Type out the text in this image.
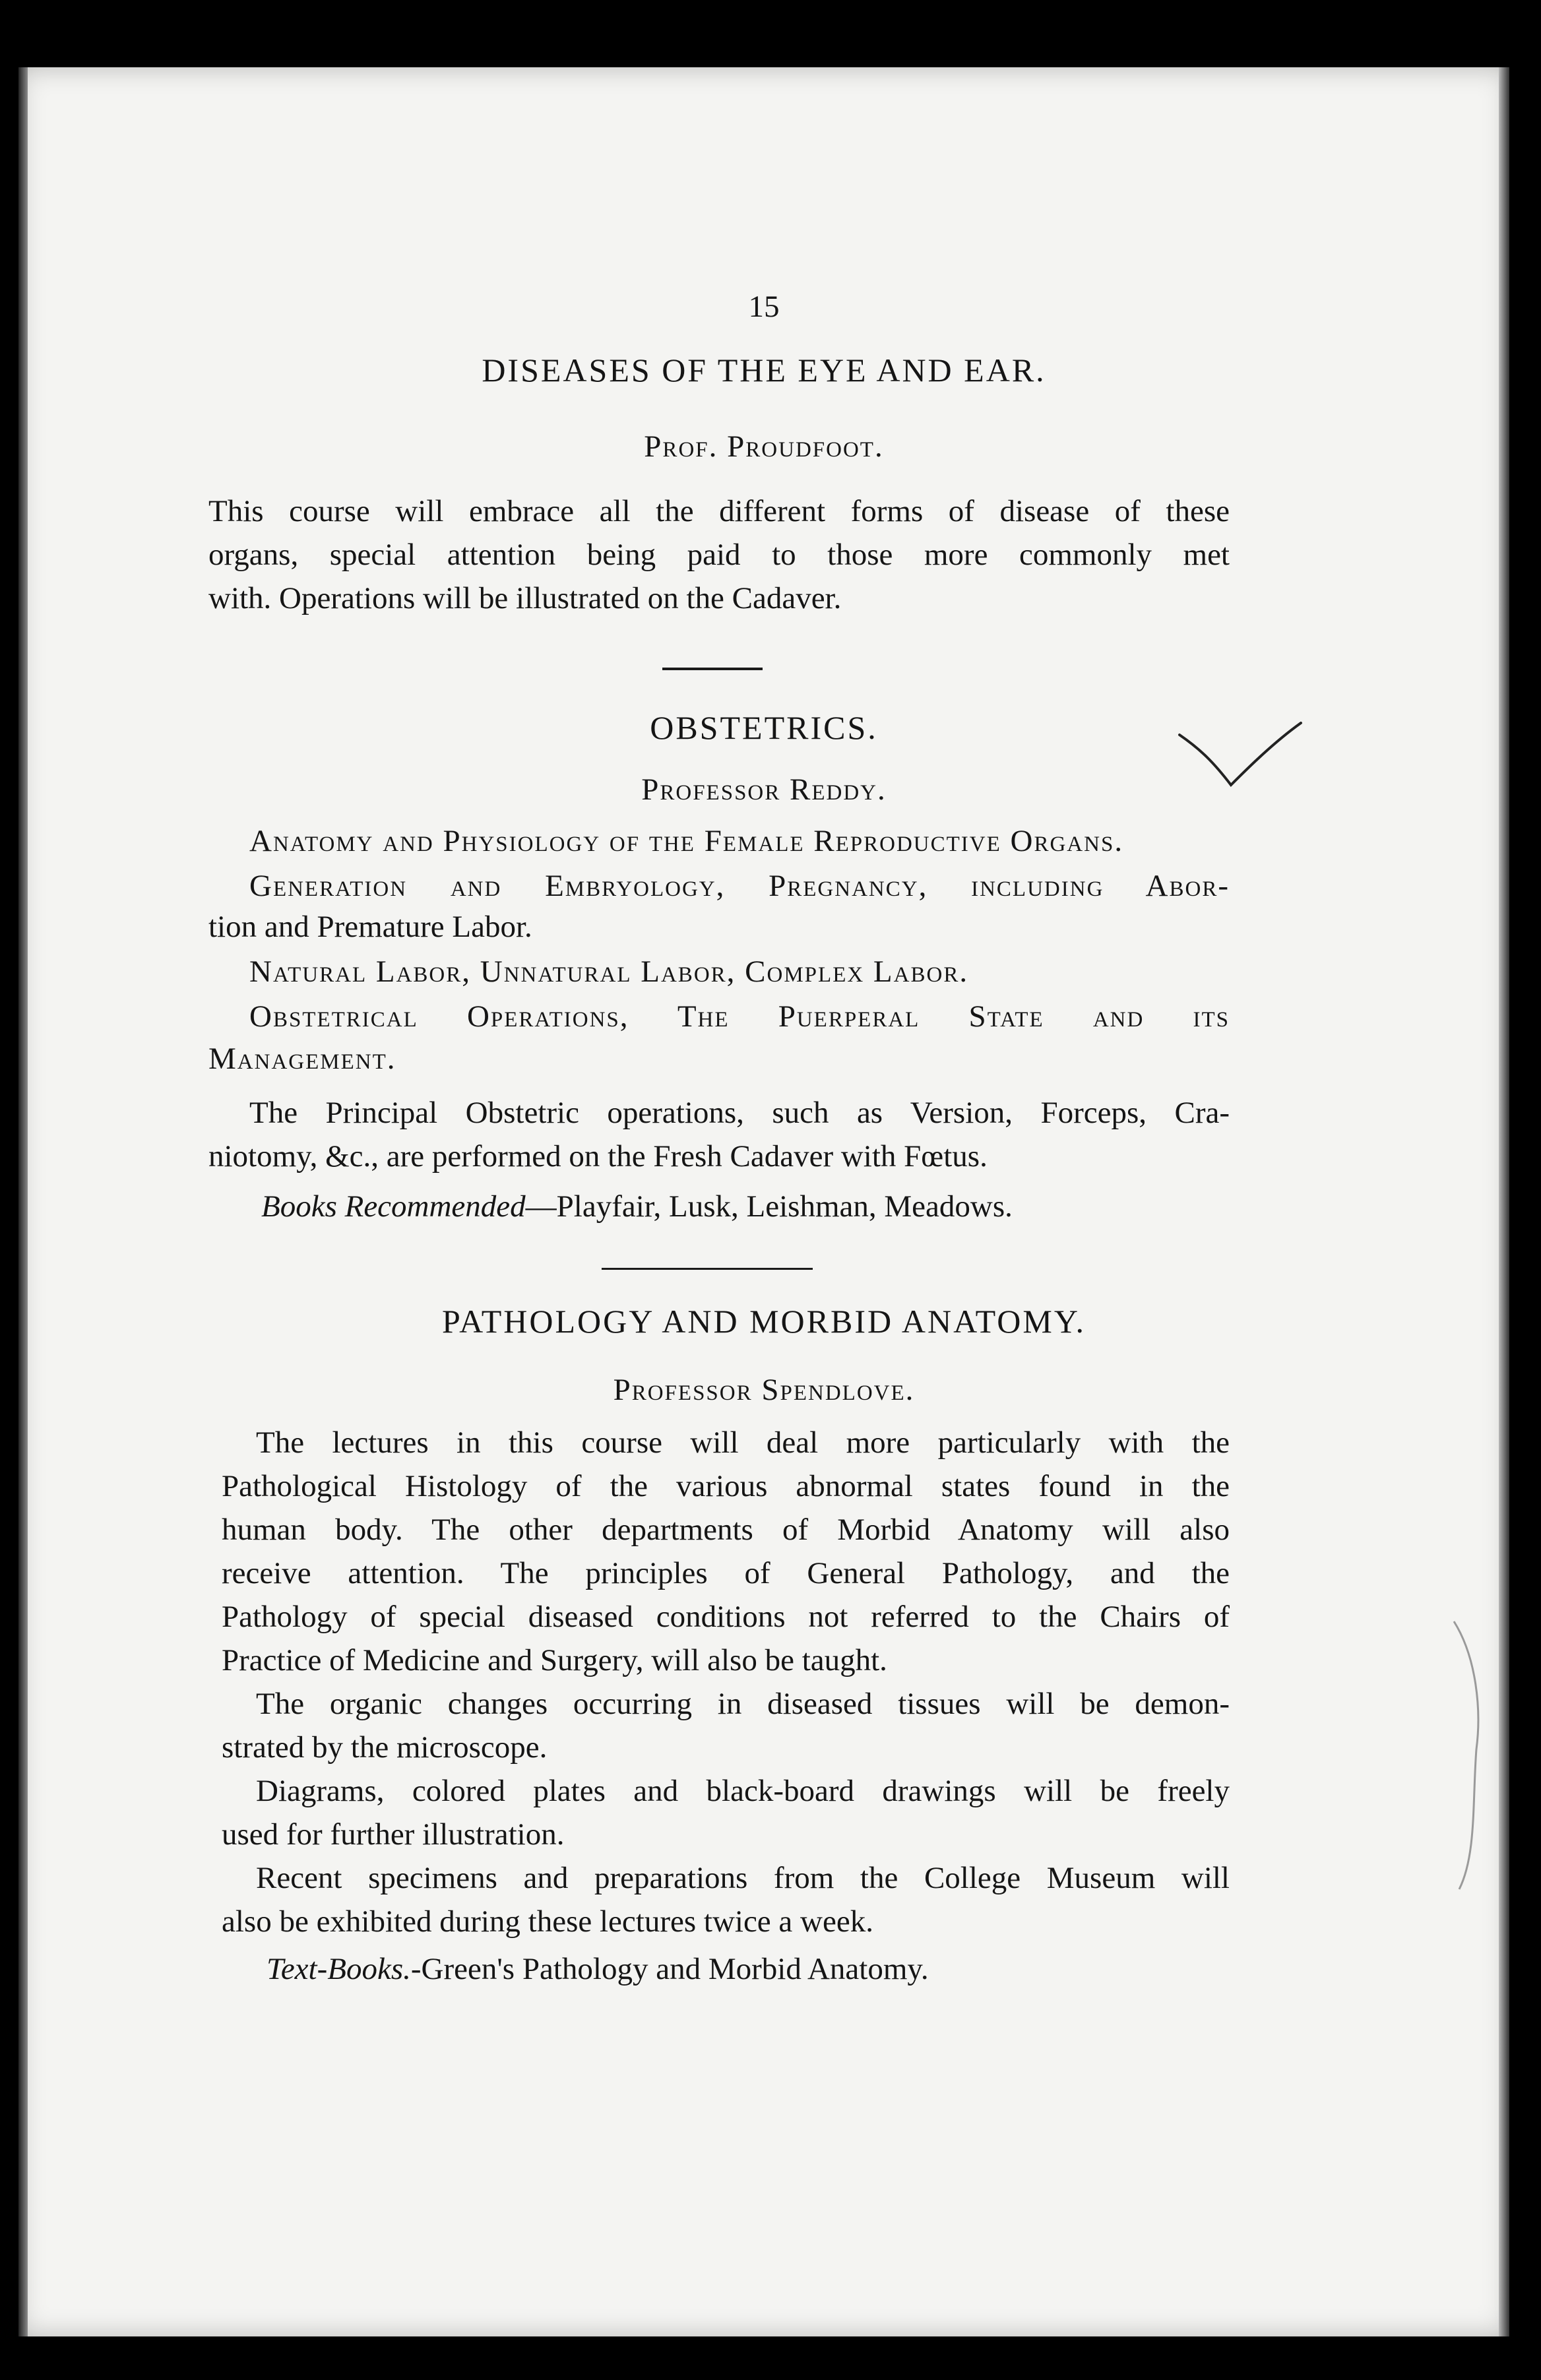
15
DISEASES OF THE EYE AND EAR.
Prof. Proudfoot.
This course will embrace all the different forms of disease of these
organs, special attention being paid to those more commonly met
with. Operations will be illustrated on the Cadaver.
OBSTETRICS.
Professor Reddy.
Anatomy and Physiology of the Female Reproductive Organs.
Generation and Embryology, Pregnancy, including Abor-
tion and Premature Labor.
Natural Labor, Unnatural Labor, Complex Labor.
Obstetrical Operations, The Puerperal State and its
Management.
The Principal Obstetric operations, such as Version, Forceps, Cra-
niotomy, &c., are performed on the Fresh Cadaver with Fœtus.
Books Recommended—Playfair, Lusk, Leishman, Meadows.
PATHOLOGY AND MORBID ANATOMY.
Professor Spendlove.
The lectures in this course will deal more particularly with the
Pathological Histology of the various abnormal states found in the
human body. The other departments of Morbid Anatomy will also
receive attention. The principles of General Pathology, and the
Pathology of special diseased conditions not referred to the Chairs of
Practice of Medicine and Surgery, will also be taught.
The organic changes occurring in diseased tissues will be demon-
strated by the microscope.
Diagrams, colored plates and black-board drawings will be freely
used for further illustration.
Recent specimens and preparations from the College Museum will
also be exhibited during these lectures twice a week.
Text-Books.-Green's Pathology and Morbid Anatomy.
